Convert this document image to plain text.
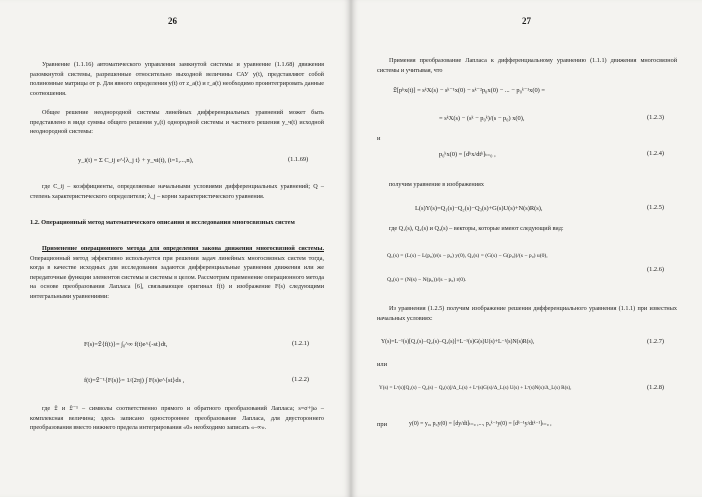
26

Уравнение (1.1.16) автоматического управления замкнутой системы и уравнение (1.1.68) движения разомкнутой системы, разрешенные относительно выходной величины САУ y(t), представляют собой полиномные матрицы от p. Для явного определения y(t) от z_a(t) и r_a(t) необходимо проинтегрировать данные соотношения.

Общее решение неоднородной системы линейных дифференциальных уравнений может быть представлено в виде суммы общего решения y₀(t) однородной системы и частного решения y_ч(t) исходной неоднородной системы:

y_i(t) = Σ C_ij e^{λ_j t} + y_чi(t), (i=1,...,n),	(1.1.69)

где C_ij – коэффициенты, определяемые начальными условиями дифференциальных уравнений; Q – степень характеристического определителя; λ_j – корни характеристического уравнения.

1.2. Операционный метод математического описания и исследования многосвязных систем

Применение операционного метода для определения закона движения многосвязной системы. Операционный метод эффективно используется при решении задач линейных многосвязных систем тогда, когда в качестве исходных для исследования задаются дифференциальные уравнения движения или же передаточные функции элементов системы и системы в целом. Рассмотрим применение операционного метода на основе преобразования Лапласа [6], связывающее оригинал f(t) и изображение F(s) следующими интегральными уравнениями:

F(s)=𝔏{f(t)}= ∫₀^∞ f(t)e^{-st}dt,	(1.2.1)
f(t)=𝔏⁻¹{F(s)}= 1/(2πj) ∫ F(s)e^{st}ds ,	(1.2.2)

где 𝔏 и 𝔏⁻¹ – символы соответственно прямого и обратного преобразований Лапласа; s=σ+jω – комплексная величина; здесь записано одностороннее преобразование Лапласа, для двустороннего преобразования вместо нижнего предела интегрирования «0» необходимо записать «–∞».

27

Применяя преобразование Лапласа к дифференциальному уравнению (1.1.1) движения многосвязной системы и учитывая, что

𝔏[pᵏx(t)] = sᵏX(s) − sᵏ⁻¹x(0) − sᵏ⁻²p₀x(0) − ... − p₀ᵏ⁻¹x(0) =
= sᵏX(s) − (sᵏ − p₀ᵏ)/(s − p₀) x(0),	(1.2.3)
и
p₀ᵏx(0) = [dᵏx/dtᵏ]ₜ₌₀ ,	(1.2.4)

получим уравнение в изображениях

L(s)Y(s)=Q₁(s)−Q₂(s)−Q₃(s)+G(s)U(s)+N(s)R(s),	(1.2.5)

где Q₁(s), Q₂(s) и Q₃(s) – векторы, которые имеют следующий вид:

Q₁(s) = (L(s) − L(p₀))/(s − p₀) y(0), Q₂(s) = (G(s) − G(p₀))/(s − p₀) u(0),
Q₃(s) = (N(s) − N(p₀))/(s − p₀) r(0).
(1.2.6)

Из уравнения (1.2.5) получим изображение решения дифференциального уравнения (1.1.1) при известных начальных условиях:

Y(s)=L⁻¹(s)[Q₁(s)−Q₂(s)−Q₃(s)]+L⁻¹(s)G(s)U(s)+L⁻¹(s)N(s)R(s),	(1.2.7)
или
Y(s) = Lᵛ(s)[Q₁(s) − Q₂(s) − Q₃(s)]/Δ_L(s) + Lᵛ(s)G(s)/Δ_L(s) U(s) + Lᵛ(s)N(s)/Δ_L(s) R(s),	(1.2.8)
при	y(0) = y₀, p₀y(0) = [dy/dt]ₜ₌₀ ,..., p₀ᵏ⁻¹y(0) = [dᵏ⁻¹y/dtᵏ⁻¹]ₜ₌₀ ,
